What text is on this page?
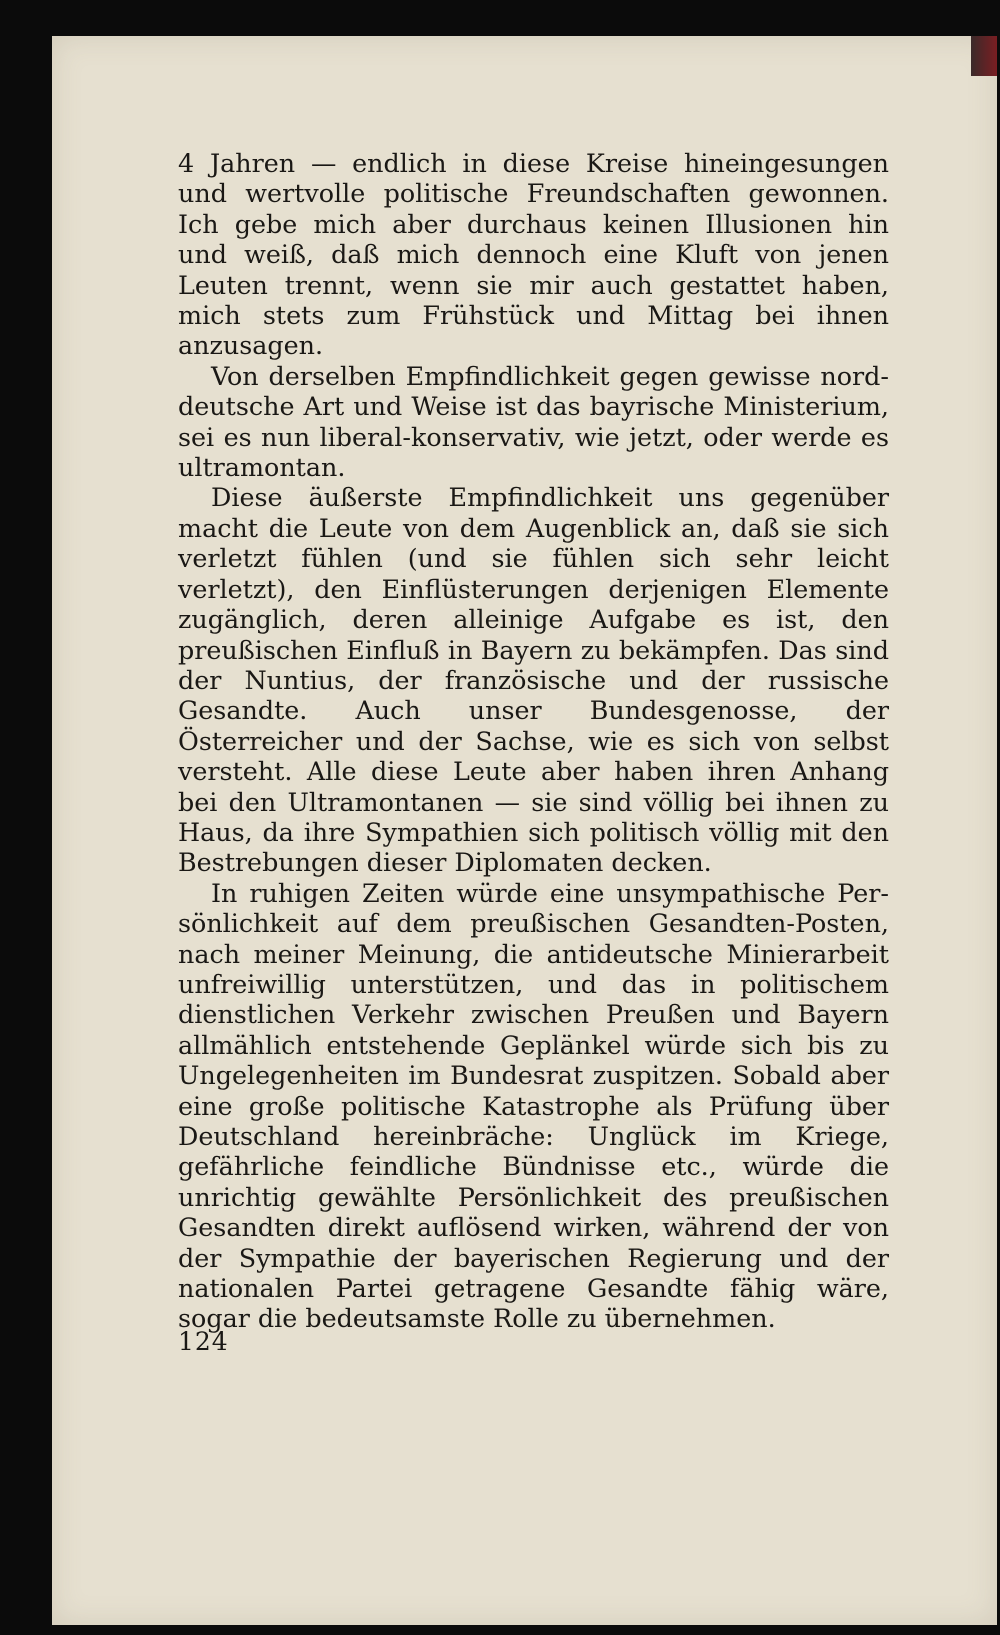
4 Jahren — endlich in diese Kreise hineingesungen und wertvolle politische Freundschaften gewonnen. Ich gebe mich aber durchaus keinen Illusionen hin und weiß, daß mich dennoch eine Kluft von jenen Leuten trennt, wenn sie mir auch gestattet haben, mich stets zum Frühstück und Mittag bei ihnen anzusagen.

Von derselben Empfindlichkeit gegen gewisse norddeutsche Art und Weise ist das bayrische Ministerium, sei es nun liberal-konservativ, wie jetzt, oder werde es ultramontan.

Diese äußerste Empfindlichkeit uns gegenüber macht die Leute von dem Augenblick an, daß sie sich verletzt fühlen (und sie fühlen sich sehr leicht verletzt), den Einflüsterungen derjenigen Elemente zugänglich, deren alleinige Aufgabe es ist, den preußischen Einfluß in Bayern zu bekämpfen. Das sind der Nuntius, der französische und der russische Gesandte. Auch unser Bundesgenosse, der Österreicher und der Sachse, wie es sich von selbst versteht. Alle diese Leute aber haben ihren Anhang bei den Ultramontanen — sie sind völlig bei ihnen zu Haus, da ihre Sympathien sich politisch völlig mit den Bestrebungen dieser Diplomaten decken.

In ruhigen Zeiten würde eine unsympathische Persönlichkeit auf dem preußischen Gesandten-Posten, nach meiner Meinung, die antideutsche Minierarbeit unfreiwillig unterstützen, und das in politischem dienstlichen Verkehr zwischen Preußen und Bayern allmählich entstehende Geplänkel würde sich bis zu Ungelegenheiten im Bundesrat zuspitzen. Sobald aber eine große politische Katastrophe als Prüfung über Deutschland hereinbräche: Unglück im Kriege, gefährliche feindliche Bündnisse etc., würde die unrichtig gewählte Persönlichkeit des preußischen Gesandten direkt auflösend wirken, während der von der Sympathie der bayerischen Regierung und der nationalen Partei getragene Gesandte fähig wäre, sogar die bedeutsamste Rolle zu übernehmen.

124
